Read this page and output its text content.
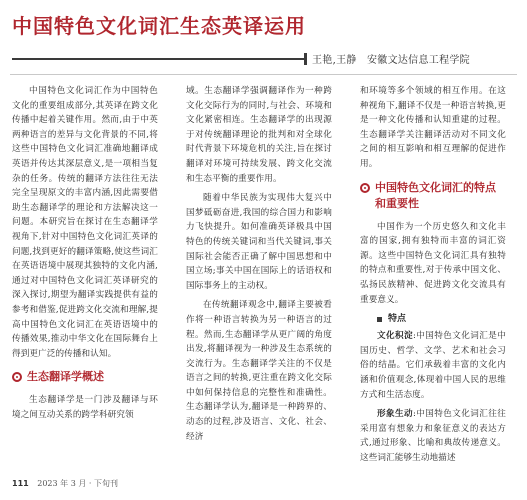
中国特色文化词汇生态英译运用
王艳,王静　安徽文达信息工程学院

中国特色文化词汇作为中国特色文化的重要组成部分,其英译在跨文化传播中起着关键作用。然而,由于中英两种语言的差异与文化背景的不同,将这些中国特色文化词汇准确地翻译成英语并传达其深层意义,是一项相当复杂的任务。传统的翻译方法往往无法完全呈现原文的丰富内涵,因此需要借助生态翻译学的理论和方法解决这一问题。本研究旨在探讨在生态翻译学视角下,针对中国特色文化词汇英译的问题,找到更好的翻译策略,使这些词汇在英语语境中展现其独特的文化内涵,通过对中国特色文化词汇英译研究的深入探讨,期望为翻译实践提供有益的参考和借鉴,促进跨文化交流和理解,提高中国特色文化词汇在英语语境中的传播效果,推动中华文化在国际舞台上得到更广泛的传播和认知。

生态翻译学概述

生态翻译学是一门涉及翻译与环境之间互动关系的跨学科研究领

域。生态翻译学强调翻译作为一种跨文化交际行为的同时,与社会、环境和文化紧密相连。生态翻译学的出现源于对传统翻译理论的批判和对全球化时代背景下环境危机的关注,旨在探讨翻译对环境可持续发展、跨文化交流和生态平衡的重要作用。

随着中华民族为实现伟大复兴中国梦砥砺奋进,我国的综合国力和影响力飞快提升。如何准确英译极具中国特色的传统关键词和当代关键词,事关国际社会能否正确了解中国思想和中国立场;事关中国在国际上的话语权和国际事务上的主动权。

在传统翻译观念中,翻译主要被看作将一种语言转换为另一种语言的过程。然而,生态翻译学从更广阔的角度出发,将翻译视为一种涉及生态系统的交流行为。生态翻译学关注的不仅是语言之间的转换,更注重在跨文化交际中如何保持信息的完整性和准确性。生态翻译学认为,翻译是一种跨界的、动态的过程,涉及语言、文化、社会、经济

和环境等多个领域的相互作用。在这种视角下,翻译不仅是一种语言转换,更是一种文化传播和认知重建的过程。生态翻译学关注翻译活动对不同文化之间的相互影响和相互理解的促进作用。

中国特色文化词汇的特点和重要性

中国作为一个历史悠久和文化丰富的国家,拥有独特而丰富的词汇资源。这些中国特色文化词汇具有独特的特点和重要性,对于传承中国文化、弘扬民族精神、促进跨文化交流具有重要意义。

特点

文化积淀:中国特色文化词汇是中国历史、哲学、文学、艺术和社会习俗的结晶。它们承载着丰富的文化内涵和价值观念,体现着中国人民的思维方式和生活态度。

形象生动:中国特色文化词汇往往采用富有想象力和象征意义的表达方式,通过形象、比喻和典故传递意义。这些词汇能够生动地描述

111 2023 年 3 月 · 下旬刊
